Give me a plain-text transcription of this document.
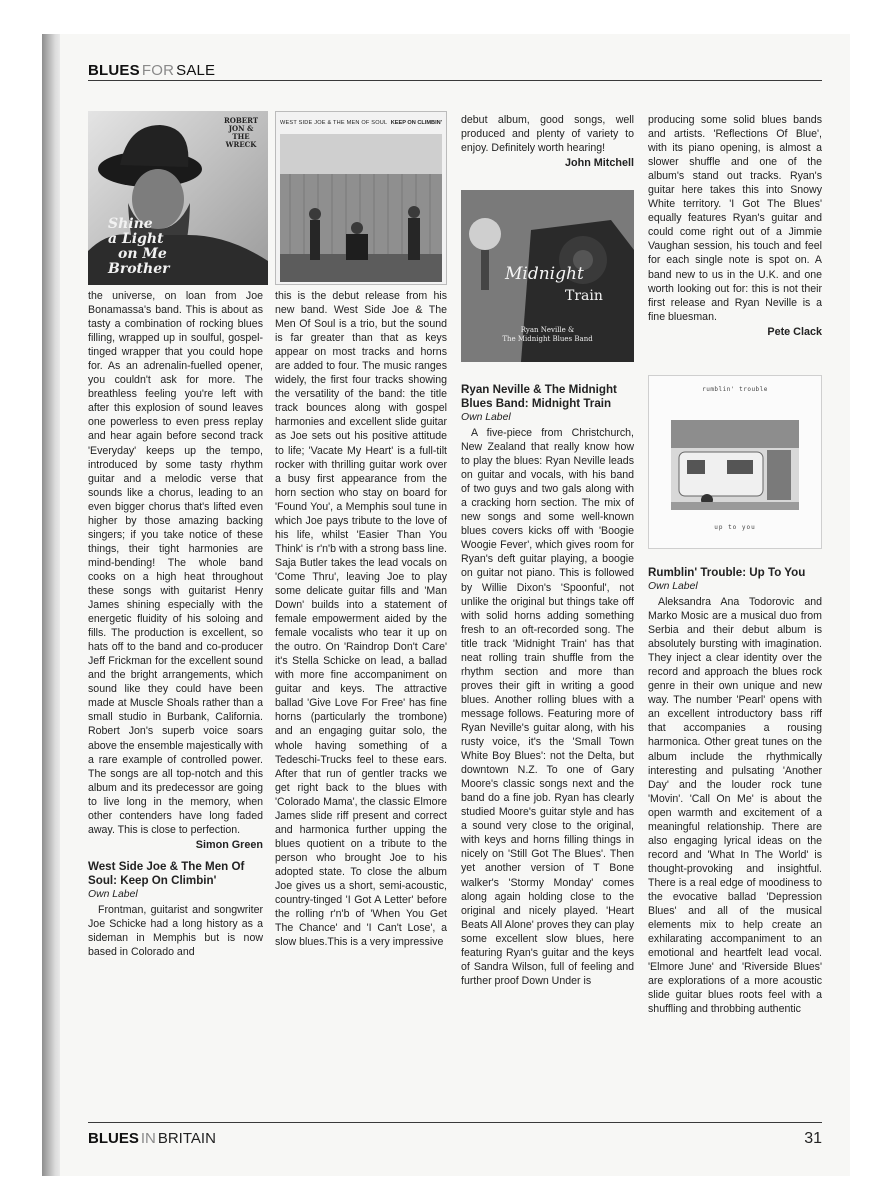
BLUES FOR SALE
ROBERT JON & THE WRECK
Shine
a Light
on Me
Brother
WEST SIDE JOE & THE MEN OF SOUL KEEP ON CLIMBIN'
Midnight
Train
Ryan Neville &
The Midnight Blues Band
rumblin' trouble
up to you

the universe, on loan from Joe Bonamassa's band. This is about as tasty a combination of rocking blues filling, wrapped up in soulful, gospel-tinged wrapper that you could hope for. As an adrenalin-fuelled opener, you couldn't ask for more. The breathless feeling you're left with after this explosion of sound leaves one powerless to even press replay and hear again before second track 'Everyday' keeps up the tempo, introduced by some tasty rhythm guitar and a melodic verse that sounds like a chorus, leading to an even bigger chorus that's lifted even higher by those amazing backing singers; if you take notice of these things, their tight harmonies are mind-bending! The whole band cooks on a high heat throughout these songs with guitarist Henry James shining especially with the energetic fluidity of his soloing and fills. The production is excellent, so hats off to the band and co-producer Jeff Frickman for the excellent sound and the bright arrangements, which sound like they could have been made at Muscle Shoals rather than a small studio in Burbank, California. Robert Jon's superb voice soars above the ensemble majestically with a rare example of controlled power. The songs are all top-notch and this album and its predecessor are going to live long in the memory, when other contenders have long faded away. This is close to perfection.

Simon Green
West Side Joe & The Men Of Soul: Keep On Climbin'
Own Label

Frontman, guitarist and songwriter Joe Schicke had a long history as a sideman in Memphis but is now based in Colorado and

this is the debut release from his new band. West Side Joe & The Men Of Soul is a trio, but the sound is far greater than that as keys appear on most tracks and horns are added to four. The music ranges widely, the first four tracks showing the versatility of the band: the title track bounces along with gospel harmonies and excellent slide guitar as Joe sets out his positive attitude to life; 'Vacate My Heart' is a full-tilt rocker with thrilling guitar work over a busy first appearance from the horn section who stay on board for 'Found You', a Memphis soul tune in which Joe pays tribute to the love of his life, whilst 'Easier Than You Think' is r'n'b with a strong bass line. Saja Butler takes the lead vocals on 'Come Thru', leaving Joe to play some delicate guitar fills and 'Man Down' builds into a statement of female empowerment aided by the female vocalists who tear it up on the outro. On 'Raindrop Don't Care' it's Stella Schicke on lead, a ballad with more fine accompaniment on guitar and keys. The attractive ballad 'Give Love For Free' has fine horns (particularly the trombone) and an engaging guitar solo, the whole having something of a Tedeschi-Trucks feel to these ears. After that run of gentler tracks we get right back to the blues with 'Colorado Mama', the classic Elmore James slide riff present and correct and harmonica further upping the blues quotient on a tribute to the person who brought Joe to his adopted state. To close the album Joe gives us a short, semi-acoustic, country-tinged 'I Got A Letter' before the rolling r'n'b of 'When You Get The Chance' and 'I Can't Lose', a slow blues.This is a very impressive

debut album, good songs, well produced and plenty of variety to enjoy. Definitely worth hearing!

John Mitchell
Ryan Neville & The Midnight Blues Band: Midnight Train
Own Label

A five-piece from Christchurch, New Zealand that really know how to play the blues: Ryan Neville leads on guitar and vocals, with his band of two guys and two gals along with a cracking horn section. The mix of new songs and some well-known blues covers kicks off with 'Boogie Woogie Fever', which gives room for Ryan's deft guitar playing, a boogie on guitar not piano. This is followed by Willie Dixon's 'Spoonful', not unlike the original but things take off with solid horns adding something fresh to an oft-recorded song. The title track 'Midnight Train' has that neat rolling train shuffle from the rhythm section and more than proves their gift in writing a good blues. Another rolling blues with a message follows. Featuring more of Ryan Neville's guitar along, with his rusty voice, it's the 'Small Town White Boy Blues': not the Delta, but downtown N.Z. To one of Gary Moore's classic songs next and the band do a fine job. Ryan has clearly studied Moore's guitar style and has a sound very close to the original, with keys and horns filling things in nicely on 'Still Got The Blues'. Then yet another version of T Bone walker's 'Stormy Monday' comes along again holding close to the original and nicely played. 'Heart Beats All Alone' proves they can play some excellent slow blues, here featuring Ryan's guitar and the keys of Sandra Wilson, full of feeling and further proof Down Under is

producing some solid blues bands and artists. 'Reflections Of Blue', with its piano opening, is almost a slower shuffle and one of the album's stand out tracks. Ryan's guitar here takes this into Snowy White territory. 'I Got The Blues' equally features Ryan's guitar and could come right out of a Jimmie Vaughan session, his touch and feel for each single note is spot on. A band new to us in the U.K. and one worth looking out for: this is not their first release and Ryan Neville is a fine bluesman.

Pete Clack
Rumblin' Trouble: Up To You
Own Label

Aleksandra Ana Todorovic and Marko Mosic are a musical duo from Serbia and their debut album is absolutely bursting with imagination. They inject a clear identity over the record and approach the blues rock genre in their own unique and new way. The number 'Pearl' opens with an excellent introductory bass riff that accompanies a rousing harmonica. Other great tunes on the album include the rhythmically interesting and pulsating 'Another Day' and the louder rock tune 'Movin'. 'Call On Me' is about the open warmth and excitement of a meaningful relationship. There are also engaging lyrical ideas on the record and 'What In The World' is thought-provoking and insightful. There is a real edge of moodiness to the evocative ballad 'Depression Blues' and all of the musical elements mix to help create an exhilarating accompaniment to an emotional and heartfelt lead vocal. 'Elmore June' and 'Riverside Blues' are explorations of a more acoustic slide guitar blues roots feel with a shuffling and throbbing authentic

BLUES IN BRITAIN	31
